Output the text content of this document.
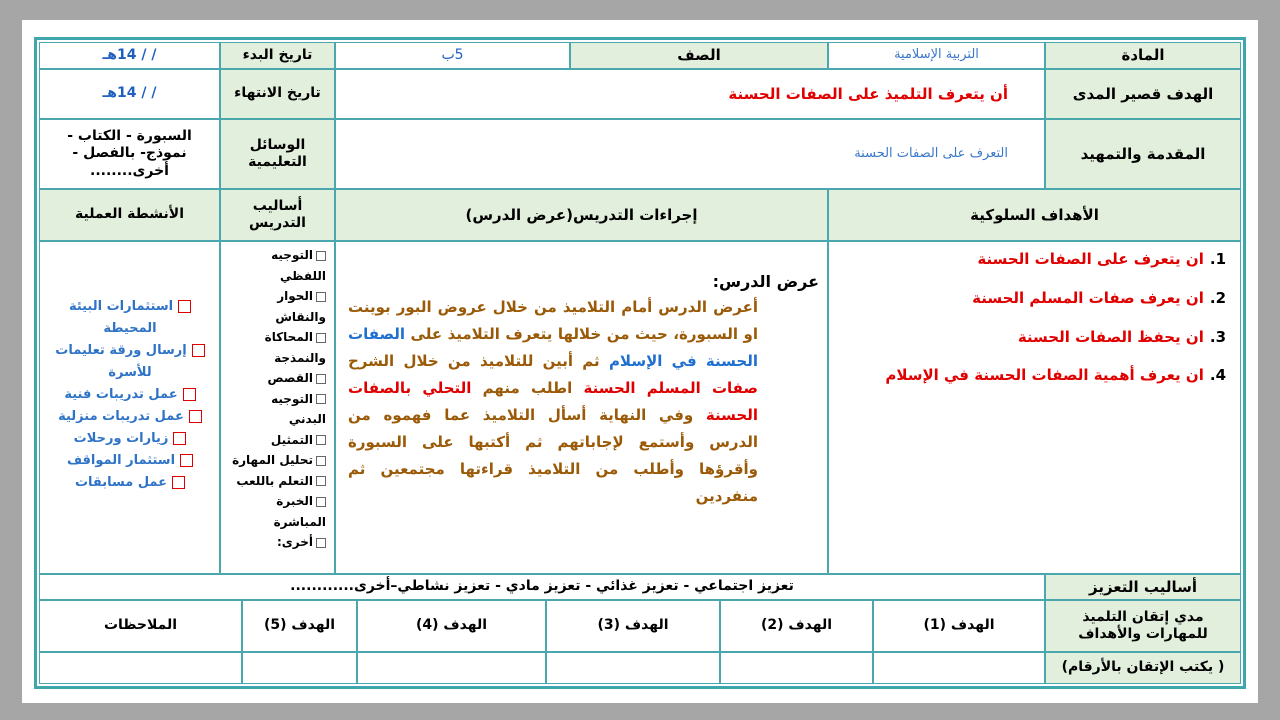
المادة
التربية الإسلامية
الصف
5ب
تاريخ البدء
/ / 14هـ
الهدف قصير المدى
أن يتعرف التلميذ على الصفات الحسنة
تاريخ الانتهاء
/ / 14هـ
المقدمة والتمهيد
التعرف على الصفات الحسنة
الوسائل التعليمية
السبورة - الكتاب - نموذج- بالفصل - أخرى........
الأهداف السلوكية
إجراءات التدريس(عرض الدرس)
أساليب التدريس
الأنشطة العملية
1.
ان يتعرف على الصفات الحسنة
2.
ان يعرف صفات المسلم الحسنة
3.
ان يحفظ الصفات الحسنة
4.
ان يعرف أهمية الصفات الحسنة في الإسلام
عرض الدرس:
أعرض الدرس أمام التلاميذ من خلال عروض البور بوينت او السبورة، حيث من خلالها يتعرف التلاميذ على الصفات الحسنة في الإسلام ثم أبين للتلاميذ من خلال الشرح صفات المسلم الحسنة اطلب منهم التحلي بالصفات الحسنة وفي النهاية أسأل التلاميذ عما فهموه من الدرس وأستمع لإجاباتهم ثم أكتبها على السبورة وأقرؤها وأطلب من التلاميذ قراءتها مجتمعين ثم منفردين
التوجيه اللفظي
الحوار والنقاش
المحاكاة والنمذجة
القصص
التوجيه البدني
التمثيل
تحليل المهارة
التعلم باللعب
الخبرة المباشرة
أخرى:
استثمارات البيئة المحيطة
إرسال ورقة تعليمات للأسرة
عمل تدريبات فنية
عمل تدريبات منزلية
زيارات ورحلات
استثمار المواقف
عمل مسابقات
أساليب التعزيز
تعزيز اجتماعي - تعزيز غذائي - تعزيز مادي - تعزيز نشاطي–أخرى............
مدي إتقان التلميذ للمهارات والأهداف
الهدف (1)
الهدف (2)
الهدف (3)
الهدف (4)
الهدف (5)
الملاحظات
( يكتب الإتقان بالأرقام)
